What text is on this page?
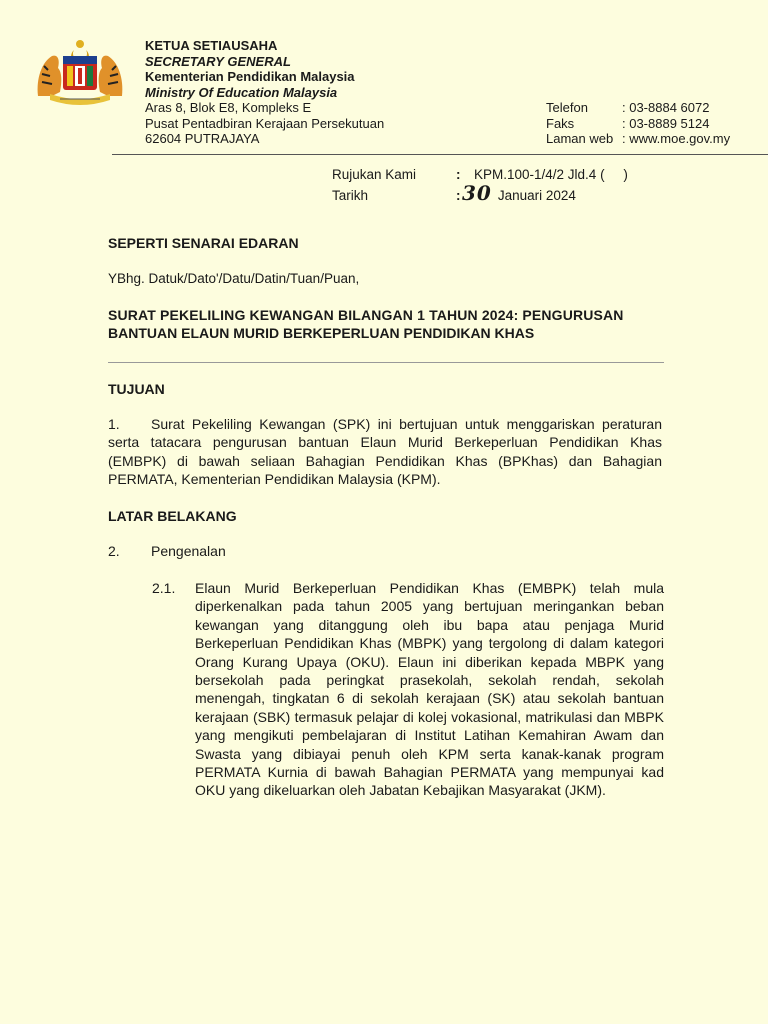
KETUA SETIAUSAHA
SECRETARY GENERAL
Kementerian Pendidikan Malaysia
Ministry Of Education Malaysia
Aras 8, Blok E8, Kompleks E
Pusat Pentadbiran Kerajaan Persekutuan
62604 PUTRAJAYA
Telefon	: 03-8884 6072
Faks	: 03-8889 5124
Laman web : www.moe.gov.my
Rujukan Kami	:	KPM.100-1/4/2 Jld.4 (     )
Tarikh	: 30 Januari 2024
SEPERTI SENARAI EDARAN
YBhg. Datuk/Dato'/Datu/Datin/Tuan/Puan,
SURAT PEKELILING KEWANGAN BILANGAN 1 TAHUN 2024: PENGURUSAN
BANTUAN ELAUN MURID BERKEPERLUAN PENDIDIKAN KHAS
TUJUAN
1. Surat Pekeliling Kewangan (SPK) ini bertujuan untuk menggariskan peraturan serta tatacara pengurusan bantuan Elaun Murid Berkeperluan Pendidikan Khas (EMBPK) di bawah seliaan Bahagian Pendidikan Khas (BPKhas) dan Bahagian PERMATA, Kementerian Pendidikan Malaysia (KPM).
LATAR BELAKANG
2. Pengenalan
2.1. Elaun Murid Berkeperluan Pendidikan Khas (EMBPK) telah mula diperkenalkan pada tahun 2005 yang bertujuan meringankan beban kewangan yang ditanggung oleh ibu bapa atau penjaga Murid Berkeperluan Pendidikan Khas (MBPK) yang tergolong di dalam kategori Orang Kurang Upaya (OKU). Elaun ini diberikan kepada MBPK yang bersekolah pada peringkat prasekolah, sekolah rendah, sekolah menengah, tingkatan 6 di sekolah kerajaan (SK) atau sekolah bantuan kerajaan (SBK) termasuk pelajar di kolej vokasional, matrikulasi dan MBPK yang mengikuti pembelajaran di Institut Latihan Kemahiran Awam dan Swasta yang dibiayai penuh oleh KPM serta kanak-kanak program PERMATA Kurnia di bawah Bahagian PERMATA yang mempunyai kad OKU yang dikeluarkan oleh Jabatan Kebajikan Masyarakat (JKM).
